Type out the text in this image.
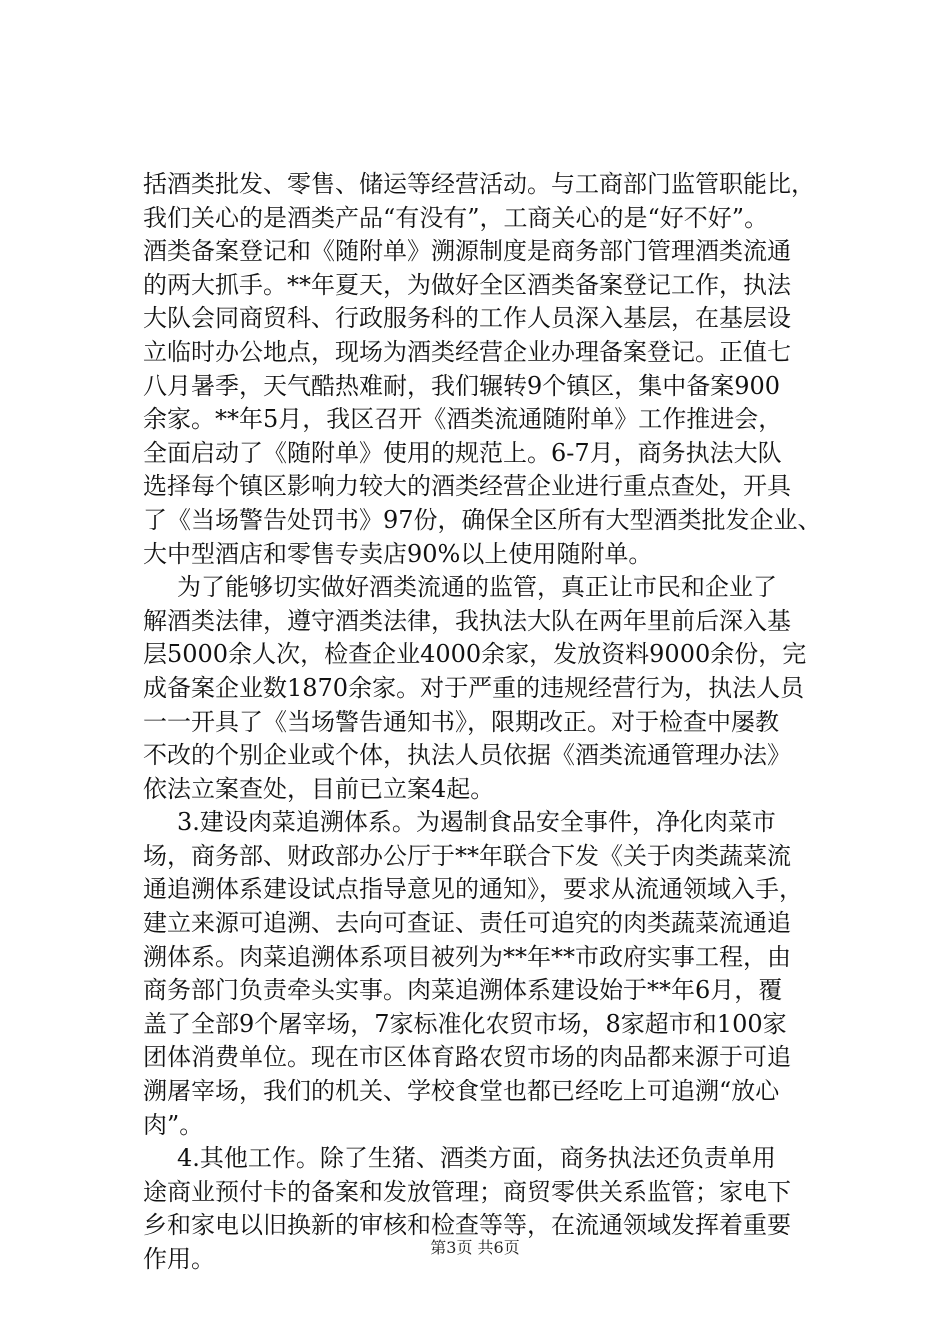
括酒类批发、零售、储运等经营活动。与工商部门监管职能比，
我们关心的是酒类产品“有没有”，工商关心的是“好不好”。
酒类备案登记和《随附单》溯源制度是商务部门管理酒类流通
的两大抓手。**年夏天，为做好全区酒类备案登记工作，执法
大队会同商贸科、行政服务科的工作人员深入基层，在基层设
立临时办公地点，现场为酒类经营企业办理备案登记。正值七
八月暑季，天气酷热难耐，我们辗转9个镇区，集中备案900
余家。**年5月，我区召开《酒类流通随附单》工作推进会，
全面启动了《随附单》使用的规范上。6-7月，商务执法大队
选择每个镇区影响力较大的酒类经营企业进行重点查处，开具
了《当场警告处罚书》97份，确保全区所有大型酒类批发企业、
大中型酒店和零售专卖店90%以上使用随附单。
为了能够切实做好酒类流通的监管，真正让市民和企业了
解酒类法律，遵守酒类法律，我执法大队在两年里前后深入基
层5000余人次，检查企业4000余家，发放资料9000余份，完
成备案企业数1870余家。对于严重的违规经营行为，执法人员
一一开具了《当场警告通知书》，限期改正。对于检查中屡教
不改的个别企业或个体，执法人员依据《酒类流通管理办法》
依法立案查处，目前已立案4起。
3.建设肉菜追溯体系。为遏制食品安全事件，净化肉菜市
场，商务部、财政部办公厅于**年联合下发《关于肉类蔬菜流
通追溯体系建设试点指导意见的通知》，要求从流通领域入手，
建立来源可追溯、去向可查证、责任可追究的肉类蔬菜流通追
溯体系。肉菜追溯体系项目被列为**年**市政府实事工程，由
商务部门负责牵头实事。肉菜追溯体系建设始于**年6月，覆
盖了全部9个屠宰场，7家标准化农贸市场，8家超市和100家
团体消费单位。现在市区体育路农贸市场的肉品都来源于可追
溯屠宰场，我们的机关、学校食堂也都已经吃上可追溯“放心
肉”。
4.其他工作。除了生猪、酒类方面，商务执法还负责单用
途商业预付卡的备案和发放管理；商贸零供关系监管；家电下
乡和家电以旧换新的审核和检查等等，在流通领域发挥着重要
作用。	第3页 共6页
